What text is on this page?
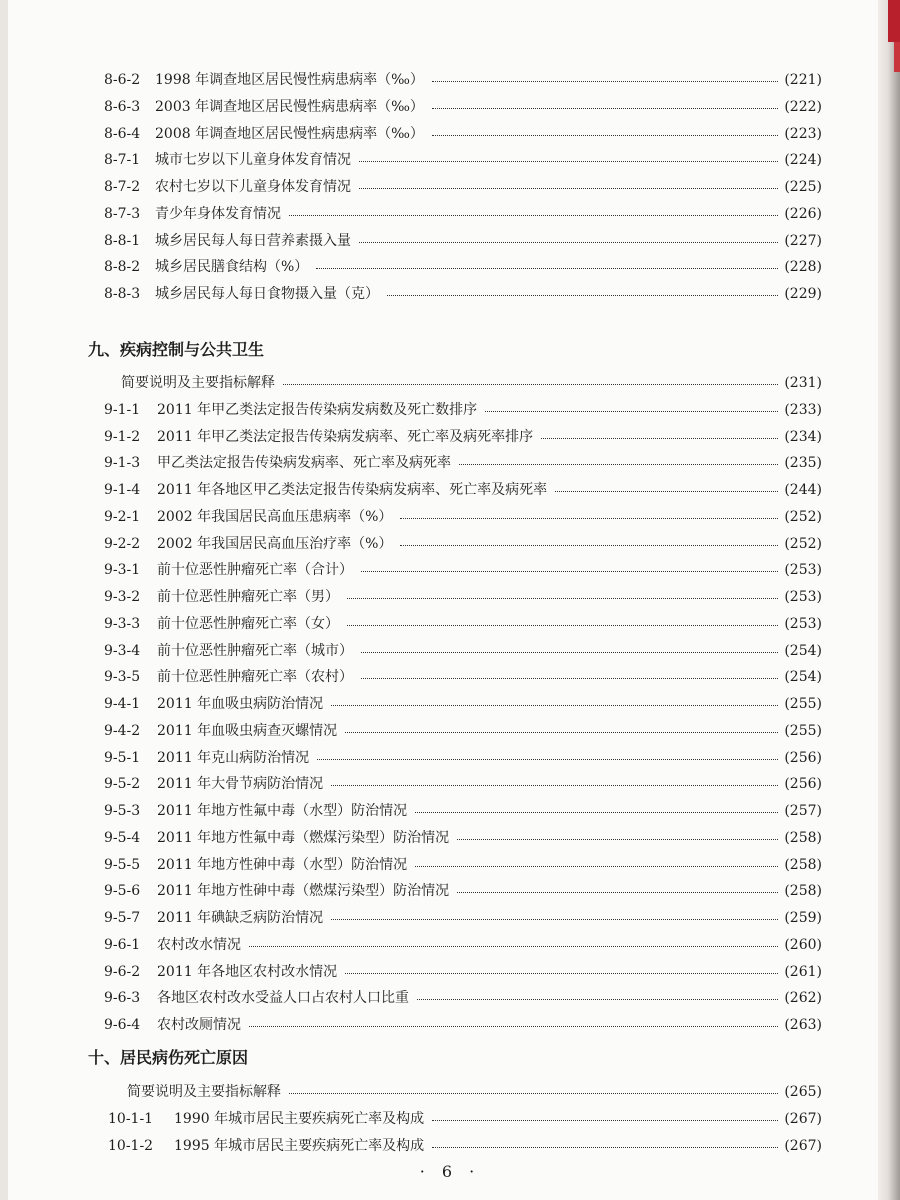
8-6-2 1998 年调查地区居民慢性病患病率（‰）	(221)
8-6-3 2003 年调查地区居民慢性病患病率（‰）	(222)
8-6-4 2008 年调查地区居民慢性病患病率（‰）	(223)
8-7-1 城市七岁以下儿童身体发育情况	(224)
8-7-2 农村七岁以下儿童身体发育情况	(225)
8-7-3 青少年身体发育情况	(226)
8-8-1 城乡居民每人每日营养素摄入量	(227)
8-8-2 城乡居民膳食结构（%）	(228)
8-8-3 城乡居民每人每日食物摄入量（克）	(229)
九、疾病控制与公共卫生
简要说明及主要指标解释	(231)
9-1-1 2011 年甲乙类法定报告传染病发病数及死亡数排序	(233)
9-1-2 2011 年甲乙类法定报告传染病发病率、死亡率及病死率排序	(234)
9-1-3 甲乙类法定报告传染病发病率、死亡率及病死率	(235)
9-1-4 2011 年各地区甲乙类法定报告传染病发病率、死亡率及病死率	(244)
9-2-1 2002 年我国居民高血压患病率（%）	(252)
9-2-2 2002 年我国居民高血压治疗率（%）	(252)
9-3-1 前十位恶性肿瘤死亡率（合计）	(253)
9-3-2 前十位恶性肿瘤死亡率（男）	(253)
9-3-3 前十位恶性肿瘤死亡率（女）	(253)
9-3-4 前十位恶性肿瘤死亡率（城市）	(254)
9-3-5 前十位恶性肿瘤死亡率（农村）	(254)
9-4-1 2011 年血吸虫病防治情况	(255)
9-4-2 2011 年血吸虫病查灭螺情况	(255)
9-5-1 2011 年克山病防治情况	(256)
9-5-2 2011 年大骨节病防治情况	(256)
9-5-3 2011 年地方性氟中毒（水型）防治情况	(257)
9-5-4 2011 年地方性氟中毒（燃煤污染型）防治情况	(258)
9-5-5 2011 年地方性砷中毒（水型）防治情况	(258)
9-5-6 2011 年地方性砷中毒（燃煤污染型）防治情况	(258)
9-5-7 2011 年碘缺乏病防治情况	(259)
9-6-1 农村改水情况	(260)
9-6-2 2011 年各地区农村改水情况	(261)
9-6-3 各地区农村改水受益人口占农村人口比重	(262)
9-6-4 农村改厕情况	(263)
十、居民病伤死亡原因
简要说明及主要指标解释	(265)
10-1-1 1990 年城市居民主要疾病死亡率及构成	(267)
10-1-2 1995 年城市居民主要疾病死亡率及构成	(267)
· 6 ·
